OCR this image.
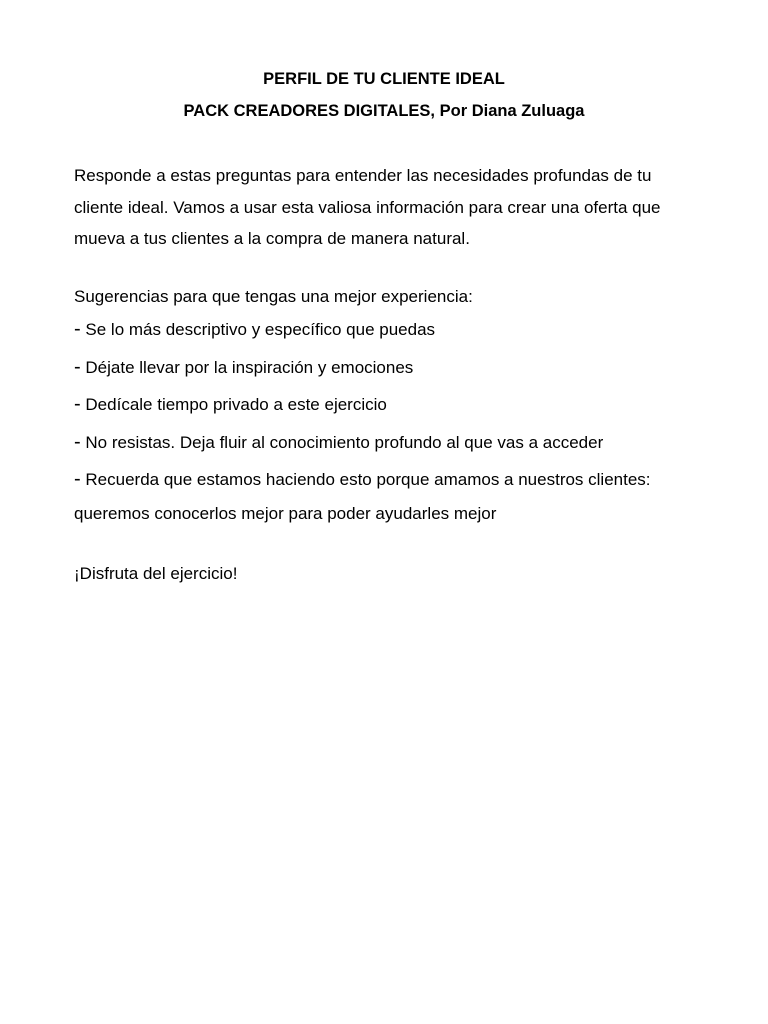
PERFIL DE TU CLIENTE IDEAL
PACK CREADORES DIGITALES, Por Diana Zuluaga

Responde a estas preguntas para entender las necesidades profundas de tu cliente ideal. Vamos a usar esta valiosa información para crear una oferta que mueva a tus clientes a la compra de manera natural.

Sugerencias para que tengas una mejor experiencia:

- Se lo más descriptivo y específico que puedas
- Déjate llevar por la inspiración y emociones
- Dedícale tiempo privado a este ejercicio
- No resistas. Deja fluir al conocimiento profundo al que vas a acceder
- Recuerda que estamos haciendo esto porque amamos a nuestros clientes: queremos conocerlos mejor para poder ayudarles mejor

¡Disfruta del ejercicio!
